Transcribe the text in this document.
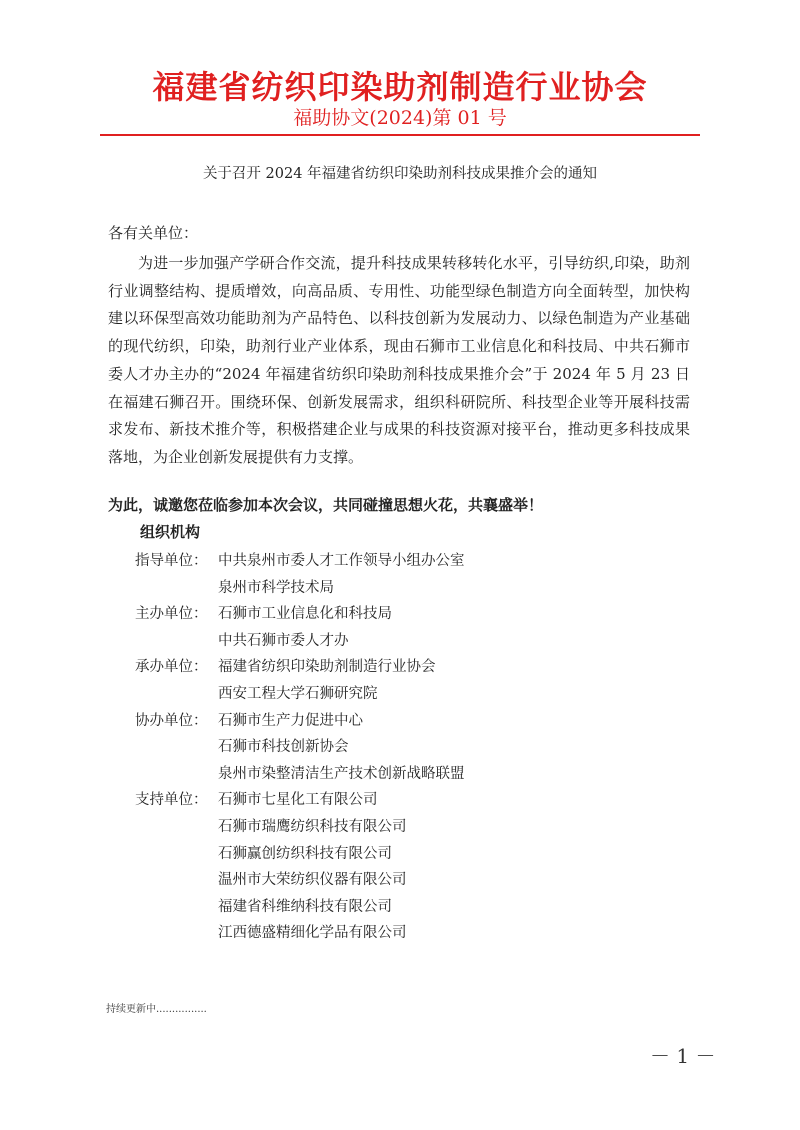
福建省纺织印染助剂制造行业协会
福助协文(2024)第 01 号
关于召开 2024 年福建省纺织印染助剂科技成果推介会的通知
各有关单位：

为进一步加强产学研合作交流，提升科技成果转移转化水平，引导纺织,印染，助剂行业调整结构、提质增效，向高品质、专用性、功能型绿色制造方向全面转型，加快构建以环保型高效功能助剂为产品特色、以科技创新为发展动力、以绿色制造为产业基础的现代纺织，印染，助剂行业产业体系，现由石狮市工业信息化和科技局、中共石狮市委人才办主办的“2024 年福建省纺织印染助剂科技成果推介会”于 2024 年 5 月 23 日在福建石狮召开。围绕环保、创新发展需求，组织科研院所、科技型企业等开展科技需求发布、新技术推介等，积极搭建企业与成果的科技资源对接平台，推动更多科技成果落地，为企业创新发展提供有力支撑。

为此，诚邀您莅临参加本次会议，共同碰撞思想火花，共襄盛举！
组织机构
指导单位： 中共泉州市委人才工作领导小组办公室
泉州市科学技术局
主办单位： 石狮市工业信息化和科技局
中共石狮市委人才办
承办单位： 福建省纺织印染助剂制造行业协会
西安工程大学石狮研究院
协办单位： 石狮市生产力促进中心
石狮市科技创新协会
泉州市染整清洁生产技术创新战略联盟
支持单位： 石狮市七星化工有限公司
石狮市瑞鹰纺织科技有限公司
石狮赢创纺织科技有限公司
温州市大荣纺织仪器有限公司
福建省科维纳科技有限公司
江西德盛精细化学品有限公司
持续更新中................
－ 1 －
